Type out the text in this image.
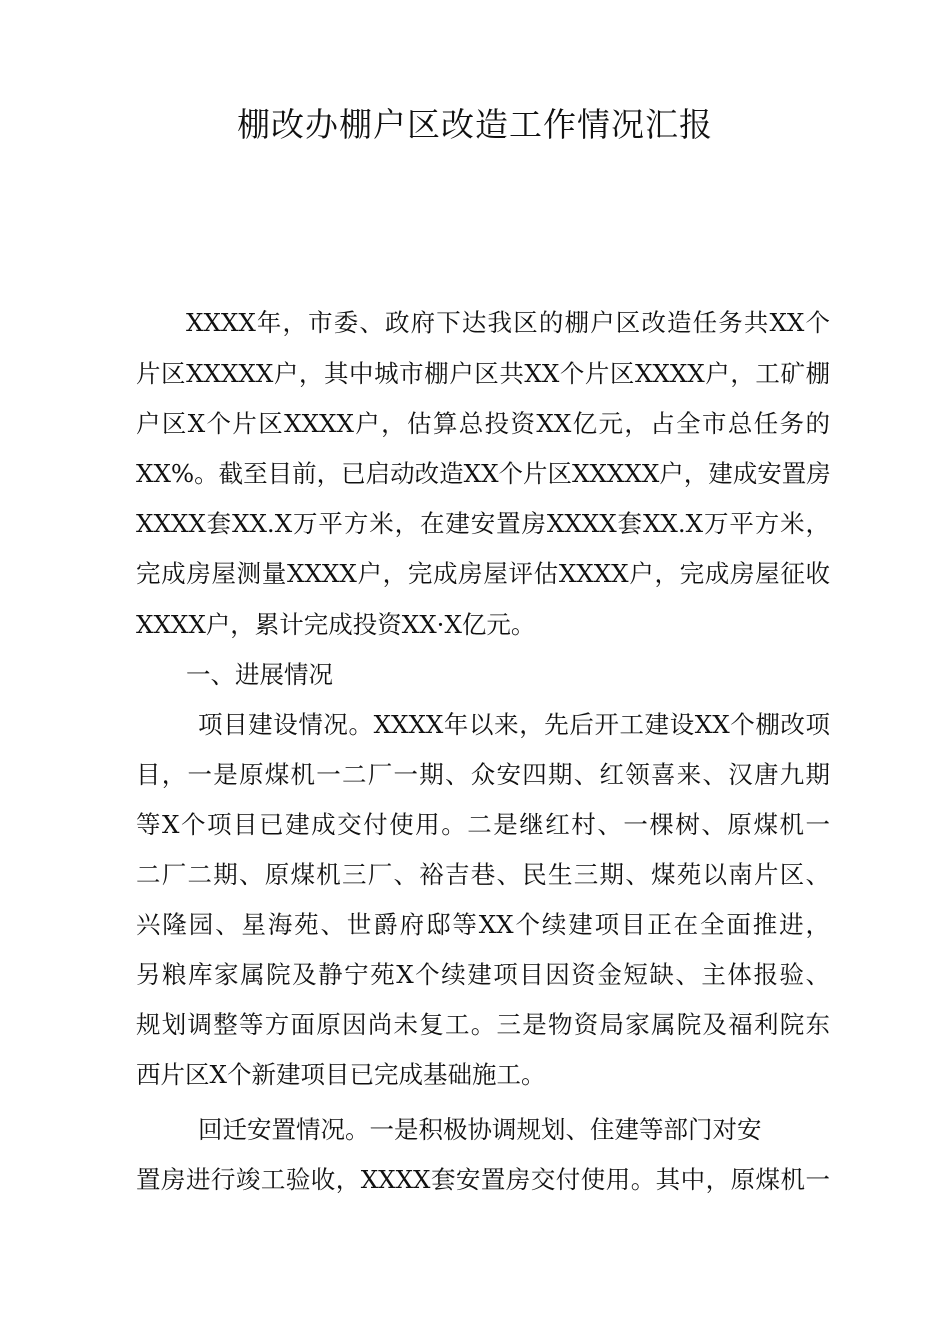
棚改办棚户区改造工作情况汇报

XXXX年，市委、政府下达我区的棚户区改造任务共XX个

片区XXXXX户，其中城市棚户区共XX个片区XXXX户，工矿棚

户区X个片区XXXX户，估算总投资XX亿元，占全市总任务的

XX%。截至目前，已启动改造XX个片区XXXXX户，建成安置房

XXXX套XX.X万平方米，在建安置房XXXX套XX.X万平方米，

完成房屋测量XXXX户，完成房屋评估XXXX户，完成房屋征收

XXXX户，累计完成投资XX·X亿元。

一、进展情况

项目建设情况。XXXX年以来，先后开工建设XX个棚改项

目，一是原煤机一二厂一期、众安四期、红领喜来、汉唐九期

等X个项目已建成交付使用。二是继红村、一棵树、原煤机一

二厂二期、原煤机三厂、裕吉巷、民生三期、煤苑以南片区、

兴隆园、星海苑、世爵府邸等XX个续建项目正在全面推进，

另粮库家属院及静宁苑X个续建项目因资金短缺、主体报验、

规划调整等方面原因尚未复工。三是物资局家属院及福利院东

西片区X个新建项目已完成基础施工。

回迁安置情况。一是积极协调规划、住建等部门对安

置房进行竣工验收，XXXX套安置房交付使用。其中，原煤机一
